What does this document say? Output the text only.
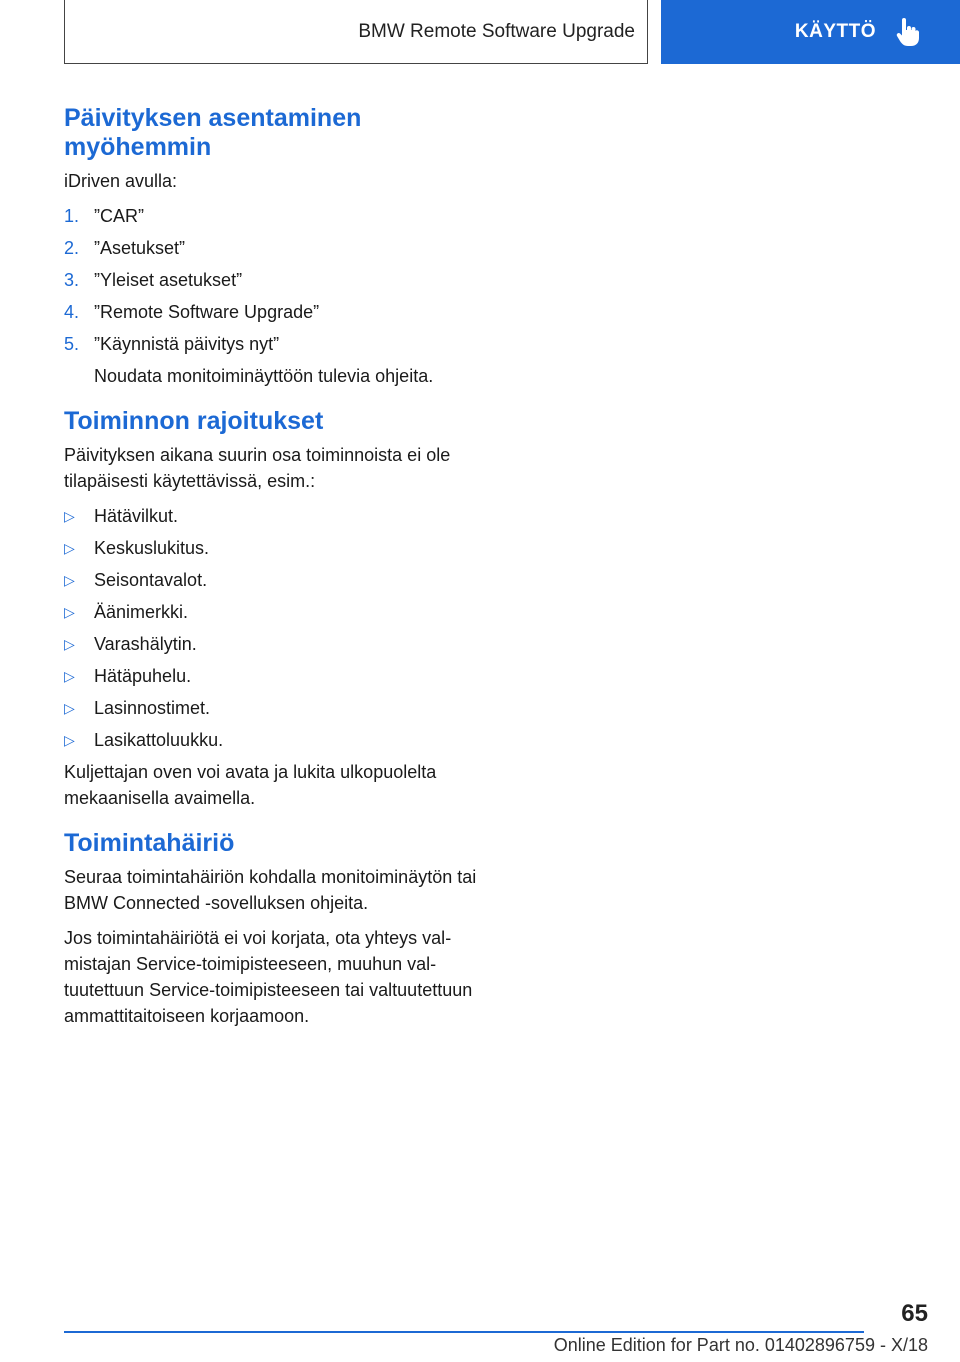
BMW Remote Software Upgrade	KÄYTTÖ
Päivityksen asentaminen myöhemmin

iDriven avulla:

1. ”CAR”
2. ”Asetukset”
3. ”Yleiset asetukset”
4. ”Remote Software Upgrade”
5. ”Käynnistä päivitys nyt”
Noudata monitoiminäyttöön tulevia ohjeita.
Toiminnon rajoitukset

Päivityksen aikana suurin osa toiminnoista ei ole tilapäisesti käytettävissä, esim.:

▷ Hätävilkut.
▷ Keskuslukitus.
▷ Seisontavalot.
▷ Äänimerkki.
▷ Varashälytin.
▷ Hätäpuhelu.
▷ Lasinnostimet.
▷ Lasikattoluukku.

Kuljettajan oven voi avata ja lukita ulkopuolelta mekaanisella avaimella.

Toimintahäiriö

Seuraa toimintahäiriön kohdalla monitoiminäytön tai BMW Connected -sovelluksen ohjeita.

Jos toimintahäiriötä ei voi korjata, ota yhteys valmistajan Service-toimipisteeseen, muuhun valtuutettuun Service-toimipisteeseen tai valtuutettuun ammattitaitoiseen korjaamoon.

65
Online Edition for Part no. 01402896759 - X/18
